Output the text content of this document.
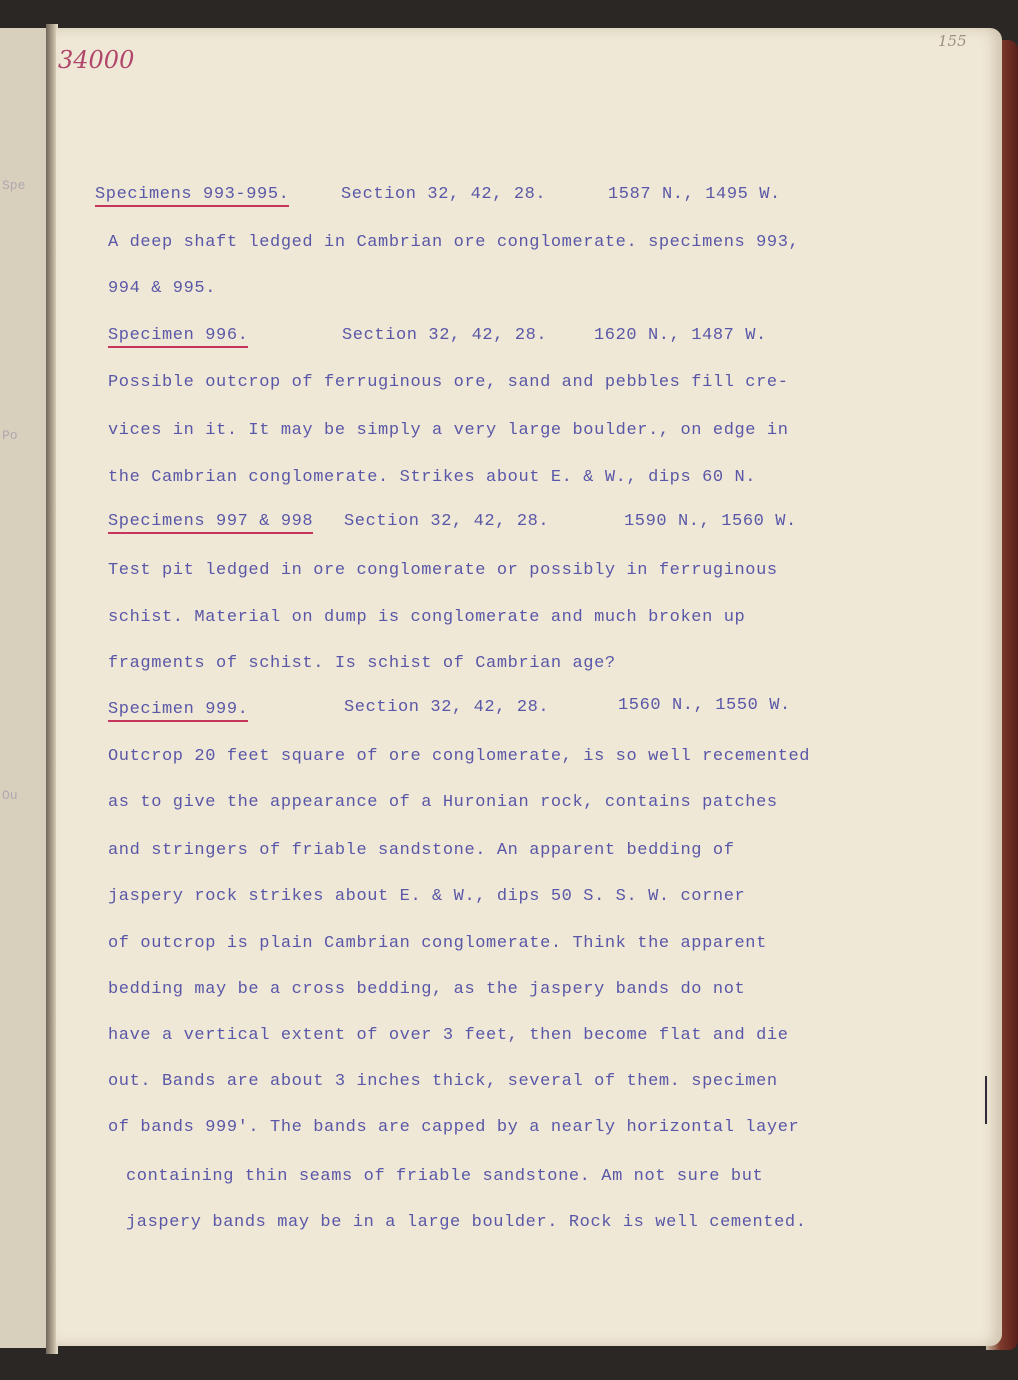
Spe
Po
Ou
34000
155
Specimens 993-995.	Section 32, 42, 28.	1587 N., 1495 W.
A deep shaft ledged in Cambrian ore conglomerate. specimens 993,
994 & 995.
Specimen 996.	Section 32, 42, 28.	1620 N., 1487 W.
Possible outcrop of ferruginous ore, sand and pebbles fill cre-
vices in it. It may be simply a very large boulder., on edge in
the Cambrian conglomerate. Strikes about E. & W., dips 60 N.
Specimens 997 & 998 Section 32, 42, 28.	1590 N., 1560 W.
Test pit ledged in ore conglomerate or possibly in ferruginous
schist. Material on dump is conglomerate and much broken up
fragments of schist. Is schist of Cambrian age?
Specimen 999.	Section 32, 42, 28.	1560 N., 1550 W.
Outcrop 20 feet square of ore conglomerate, is so well recemented
as to give the appearance of a Huronian rock, contains patches
and stringers of friable sandstone. An apparent bedding of
jaspery rock strikes about E. & W., dips 50 S. S. W. corner
of outcrop is plain Cambrian conglomerate. Think the apparent
bedding may be a cross bedding, as the jaspery bands do not
have a vertical extent of over 3 feet, then become flat and die
out. Bands are about 3 inches thick, several of them. specimen
of bands 999′. The bands are capped by a nearly horizontal layer
containing thin seams of friable sandstone. Am not sure but
jaspery bands may be in a large boulder. Rock is well cemented.
